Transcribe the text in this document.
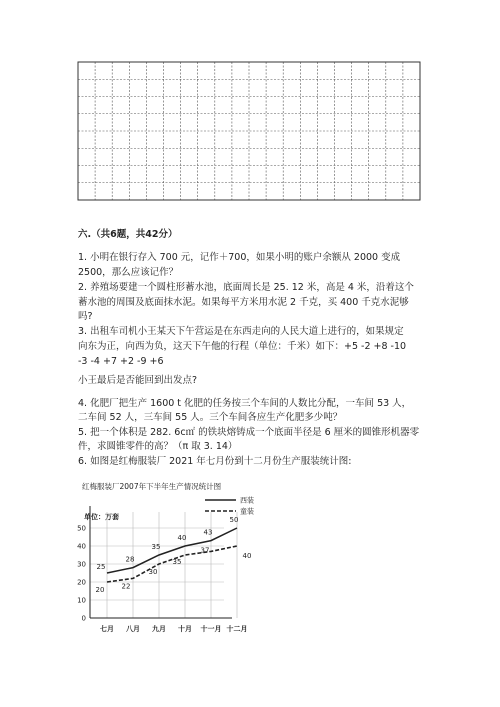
六.（共6题，共42分）
1. 小明在银行存入 700 元，记作＋700，如果小明的账户余额从 2000 变成
2500，那么应该记作？
2. 养殖场要建一个圆柱形蓄水池，底面周长是 25. 12 米，高是 4 米，沿着这个
蓄水池的周围及底面抹水泥。如果每平方米用水泥 2 千克，买 400 千克水泥够
吗?
3. 出租车司机小王某天下午营运是在东西走向的人民大道上进行的，如果规定
向东为正，向西为负，这天下午他的行程（单位：千米）如下：+5 -2 +8 -10
-3 -4 +7 +2 -9 +6
小王最后是否能回到出发点?
4. 化肥厂把生产 1600 t 化肥的任务按三个车间的人数比分配，一车间 53 人，
二车间 52 人，三车间 55 人。三个车间各应生产化肥多少吨？
5. 把一个体积是 282. 6c㎡ 的铁块熔铸成一个底面半径是 6 厘米的圆锥形机器零
件，求圆锥零件的高？（π 取 3. 14）
6. 如图是红梅服装厂 2021 年七月份到十二月份生产服装统计图:
红梅服装厂2007年下半年生产情况统计图
单位：万套
0
10
20
30
40
50
七月 八月 九月 十月 十一月 十二月
25
28
35
40
43
50
20 22
30
35
37
40
西装
童装
